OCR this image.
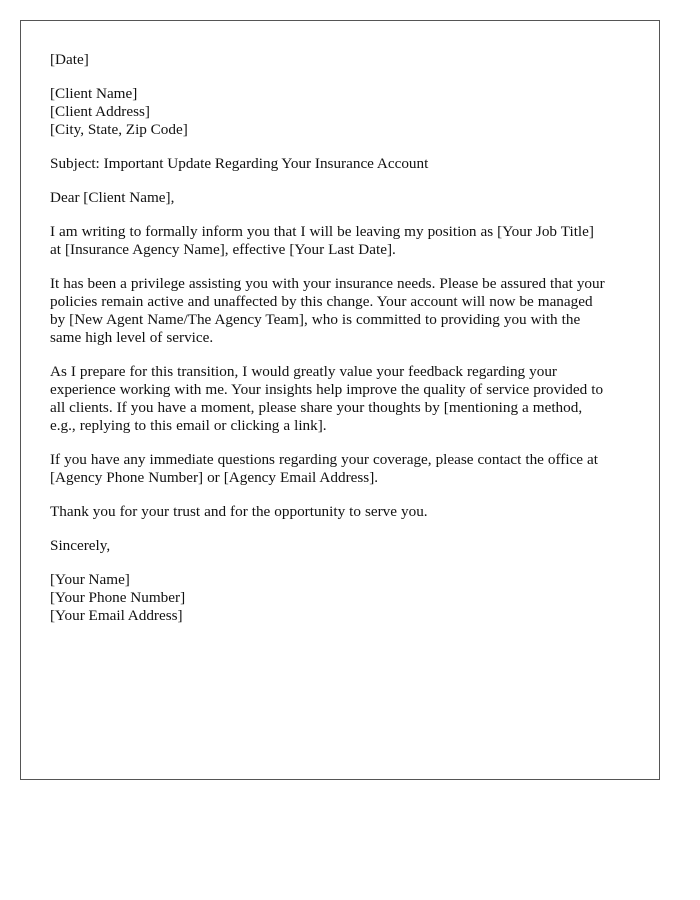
[Date]
[Client Name]
[Client Address]
[City, State, Zip Code]
Subject: Important Update Regarding Your Insurance Account
Dear [Client Name],
I am writing to formally inform you that I will be leaving my position as [Your Job Title]
at [Insurance Agency Name], effective [Your Last Date].
It has been a privilege assisting you with your insurance needs. Please be assured that your
policies remain active and unaffected by this change. Your account will now be managed
by [New Agent Name/The Agency Team], who is committed to providing you with the
same high level of service.
As I prepare for this transition, I would greatly value your feedback regarding your
experience working with me. Your insights help improve the quality of service provided to
all clients. If you have a moment, please share your thoughts by [mentioning a method,
e.g., replying to this email or clicking a link].
If you have any immediate questions regarding your coverage, please contact the office at
[Agency Phone Number] or [Agency Email Address].
Thank you for your trust and for the opportunity to serve you.
Sincerely,
[Your Name]
[Your Phone Number]
[Your Email Address]
